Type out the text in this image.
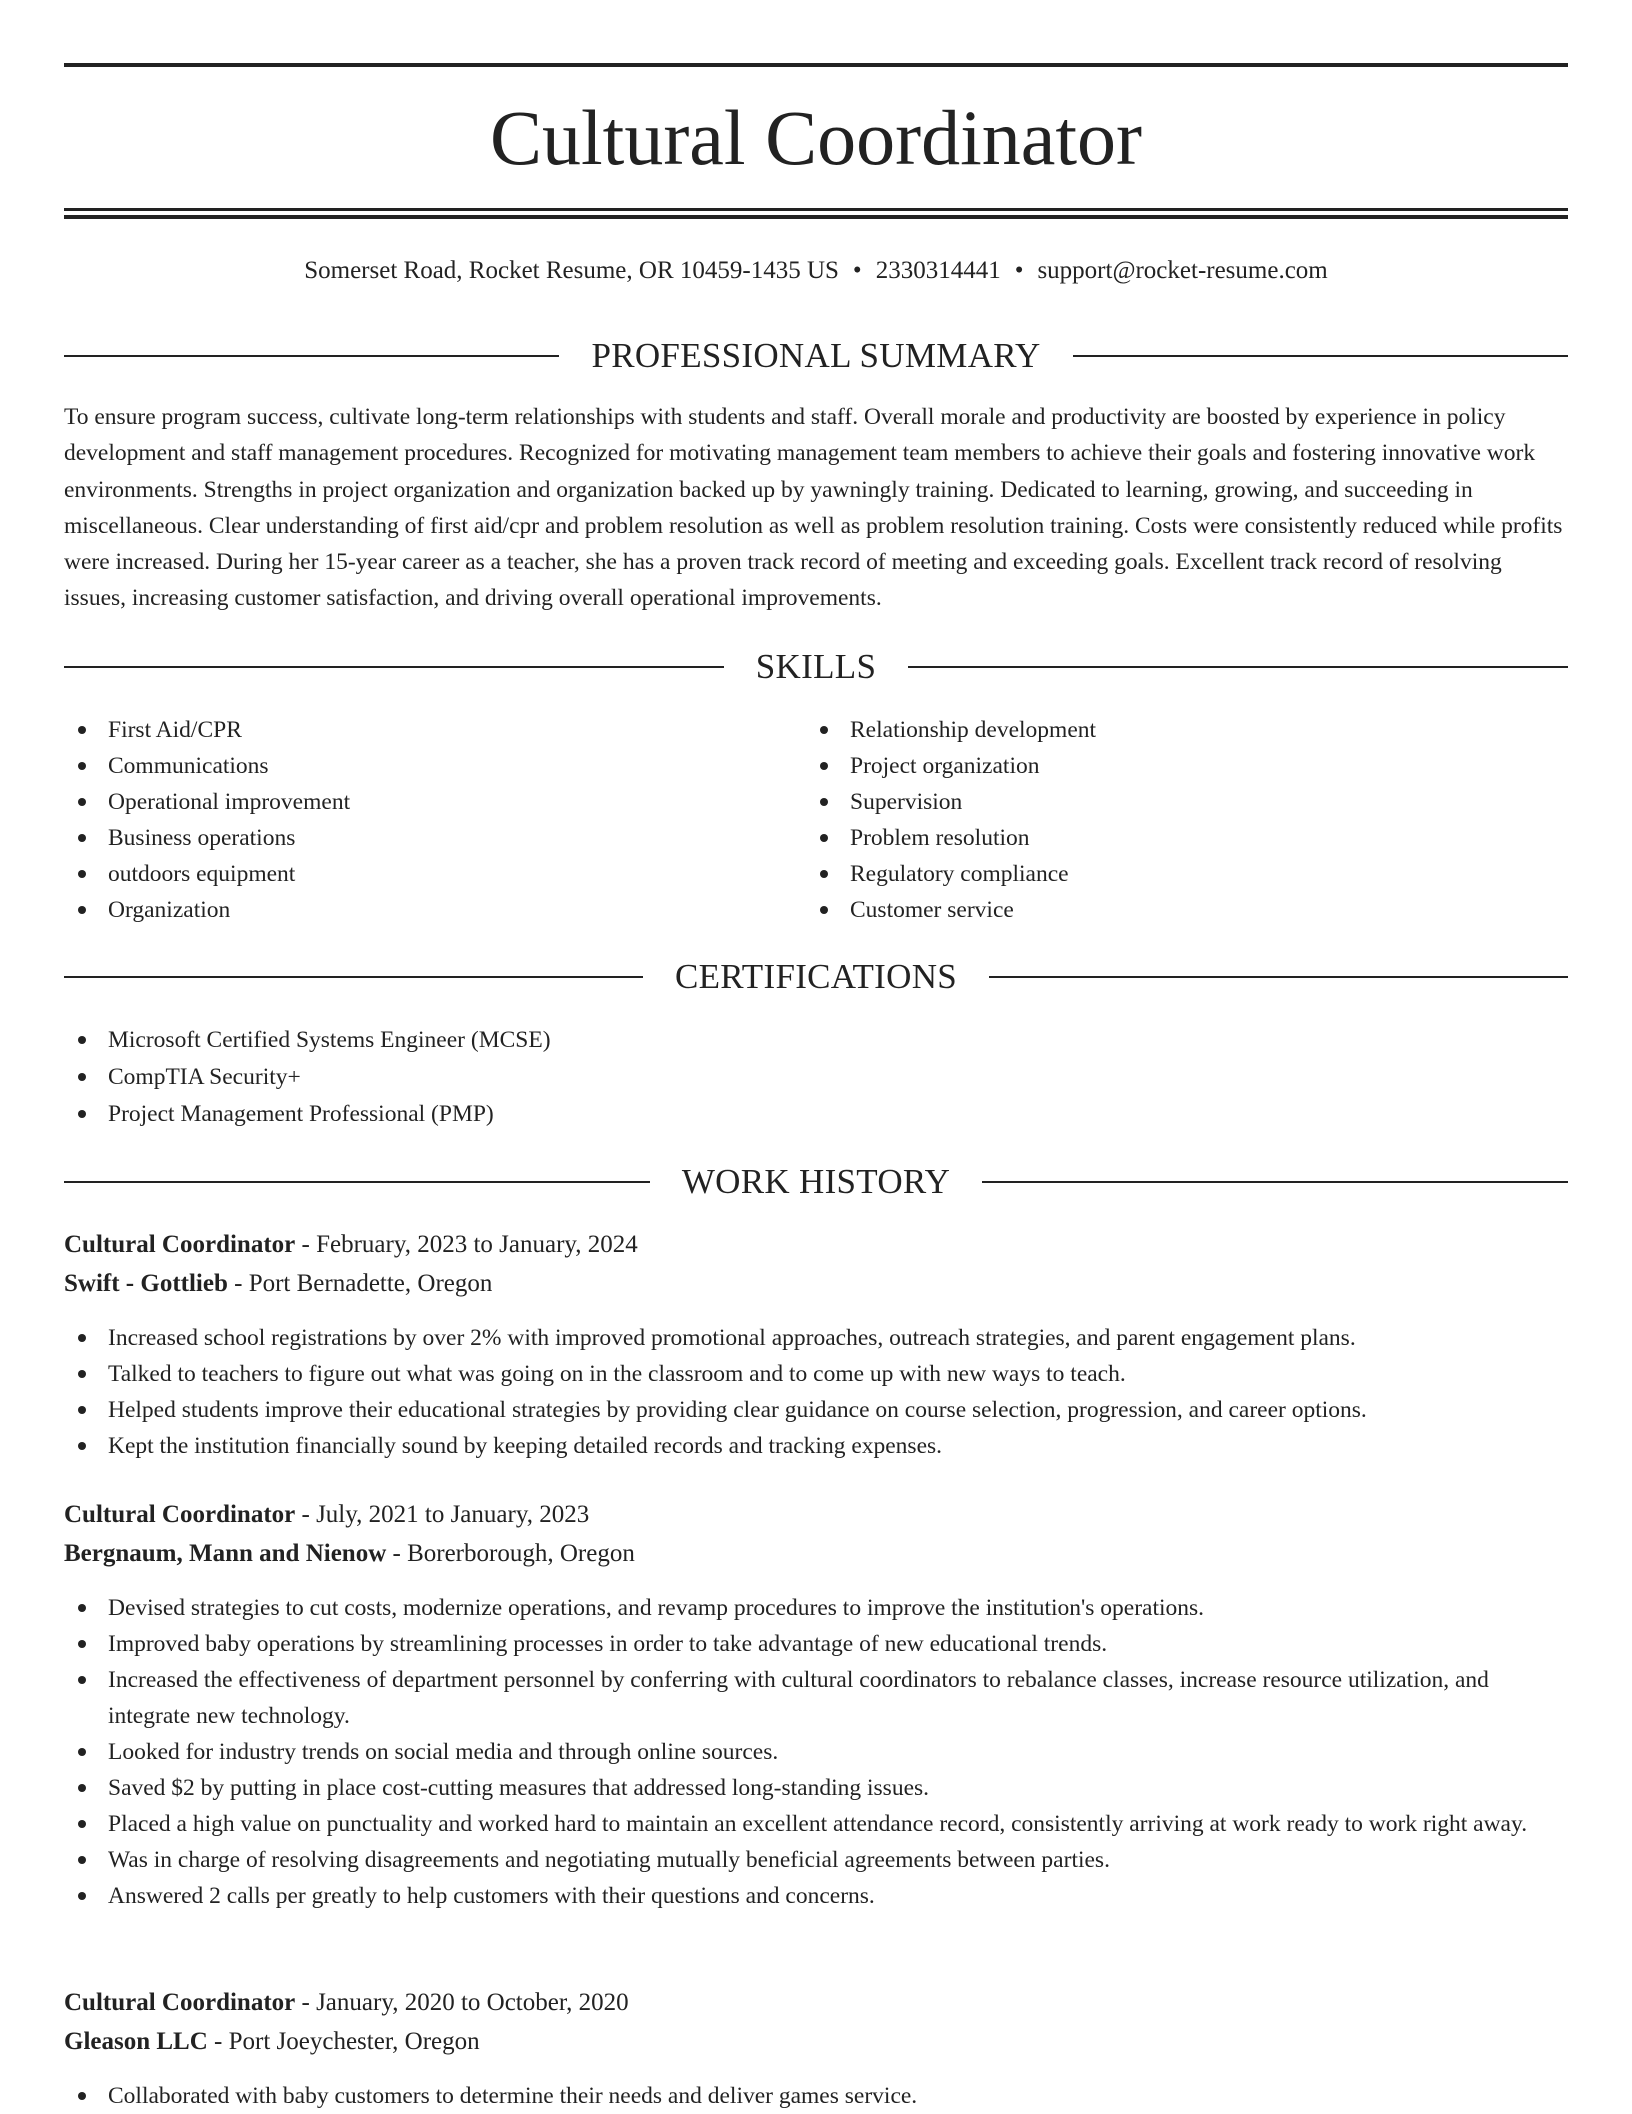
Cultural Coordinator
Somerset Road, Rocket Resume, OR 10459-1435 US • 2330314441 • support@rocket-resume.com
PROFESSIONAL SUMMARY

To ensure program success, cultivate long-term relationships with students and staff. Overall morale and productivity are boosted by experience in policy development and staff management procedures. Recognized for motivating management team members to achieve their goals and fostering innovative work environments. Strengths in project organization and organization backed up by yawningly training. Dedicated to learning, growing, and succeeding in miscellaneous. Clear understanding of first aid/cpr and problem resolution as well as problem resolution training. Costs were consistently reduced while profits were increased. During her 15-year career as a teacher, she has a proven track record of meeting and exceeding goals. Excellent track record of resolving issues, increasing customer satisfaction, and driving overall operational improvements.

SKILLS
First Aid/CPR
Communications
Operational improvement
Business operations
outdoors equipment
Organization
Relationship development
Project organization
Supervision
Problem resolution
Regulatory compliance
Customer service
CERTIFICATIONS
Microsoft Certified Systems Engineer (MCSE)
CompTIA Security+
Project Management Professional (PMP)
WORK HISTORY

Cultural Coordinator - February, 2023 to January, 2024

Swift - Gottlieb - Port Bernadette, Oregon

Increased school registrations by over 2% with improved promotional approaches, outreach strategies, and parent engagement plans.
Talked to teachers to figure out what was going on in the classroom and to come up with new ways to teach.
Helped students improve their educational strategies by providing clear guidance on course selection, progression, and career options.
Kept the institution financially sound by keeping detailed records and tracking expenses.

Cultural Coordinator - July, 2021 to January, 2023

Bergnaum, Mann and Nienow - Borerborough, Oregon

Devised strategies to cut costs, modernize operations, and revamp procedures to improve the institution's operations.
Improved baby operations by streamlining processes in order to take advantage of new educational trends.
Increased the effectiveness of department personnel by conferring with cultural coordinators to rebalance classes, increase resource utilization, and integrate new technology.
Looked for industry trends on social media and through online sources.
Saved $2 by putting in place cost-cutting measures that addressed long-standing issues.
Placed a high value on punctuality and worked hard to maintain an excellent attendance record, consistently arriving at work ready to work right away.
Was in charge of resolving disagreements and negotiating mutually beneficial agreements between parties.
Answered 2 calls per greatly to help customers with their questions and concerns.

Cultural Coordinator - January, 2020 to October, 2020

Gleason LLC - Port Joeychester, Oregon

Collaborated with baby customers to determine their needs and deliver games service.
